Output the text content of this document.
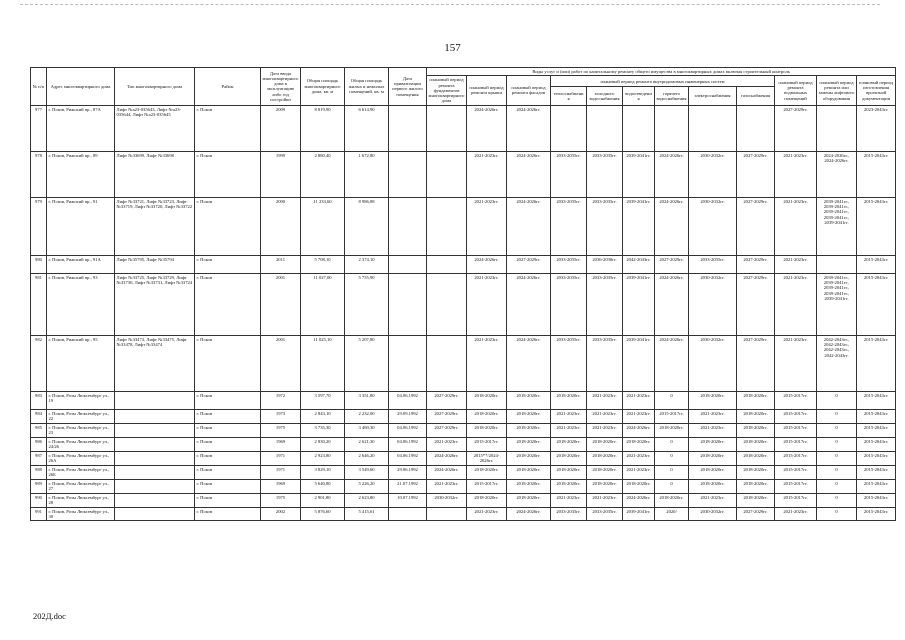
157
№ п/п	Адрес многоквартирного дома	Тип многоквартирного дома	Район	Дата ввода многоквартирного дома в эксплуатацию либо год постройки	Общая площадь многоквартирного дома, кв. м	Общая площадь жилых и нежилых помещений, кв. м	Дата приватизации первого жилого помещения	Виды услуг и (или) работ по капитальному ремонту общего имущества в многоквартирных домах включая строительный контроль											
								плановый период ремонта фундаментов многоквартирного дома	плановый период ремонта крыши	плановый период ремонта фасадов	плановый период ремонта внутридомовых инженерных систем						плановый период ремонта подвальных помещений	плановый период ремонта или замены лифтового оборудования	плановый период изготовления проектной документации
											теплоснабжения	холодного водоснабжения	водоотведения	горячего водоснабжения	электроснабжения	газоснабжения			
977	г. Псков, Рижский пр., 87А	Лифт №а23-035643, Лифт №а23-035644, Лифт №а23-035645	г. Псков	2009	8 819,90	6 614,90			2024-2026гг.	2024-2026гг.							2027-2029гг.		2023-2043гг.
978	г. Псков, Рижский пр., 89	Лифт №33699, Лифт №33698	г. Псков	1999	2 880,40	1 672,80			2021-2023гг.	2024-2026гг.	2033-2035гг.	2033-2035гг.	2039-2041гг.	2024-2026гг.	2030-2032гг.	2027-2029гг.	2021-2023гг.	2024-2026гг., 2024-2026гг.	2015-2043гг.
979	г. Псков, Рижский пр., 91	Лифт №33721, Лифт №33723, Лифт №33719, Лифт №33720, Лифт №33722	г. Псков	2000	11 233,60	8 986,88			2021-2023гг.	2024-2026гг.	2033-2035гг.	2033-2035гг.	2039-2041гг.	2024-2026гг.	2030-2032гг.	2027-2029гг.	2021-2023гг.	2039-2041гг., 2039-2041гг., 2039-2041гг., 2039-2041гг., 2039-2041гг.	2015-2043гг.
980	г. Псков, Рижский пр., 91А	Лифт №35795, Лифт №35794	г. Псков	2011	5 708,10	2 374,10			2024-2026гг.	2027-2029гг.	2033-2035гг.	2036-2038гг.	2042-2043гг.	2027-2029гг.	2033-2035гг.	2027-2029гг.	2021-2023гг.		2015-2043гг.
981	г. Псков, Рижский пр., 93	Лифт №33725, Лифт №33729, Лифт №33730, Лифт №33731, Лифт №33724	г. Псков	2001	11 027,00	5 755,90			2021-2023гг.	2024-2026гг.	2033-2035гг.	2033-2035гг.	2039-2041гг.	2024-2026гг.	2030-2032гг.	2027-2029гг.	2021-2023гг.	2039-2041гг., 2039-2041гг., 2039-2041гг., 2039-2041гг., 2039-2041гг.	2015-2043гг.
982	г. Псков, Рижский пр., 95	Лифт №33473, Лифт №33475, Лифт №33478, Лифт №33474	г. Псков	2001	11 025,10	5 207,80			2021-2023гг.	2024-2026гг.	2033-2035гг.	2033-2035гг.	2039-2041гг.	2024-2026гг.	2030-2032гг.	2027-2029гг.	2021-2023гг.	2042-2043гг., 2042-2043гг., 2042-2043гг., 2042-2043гг.	2015-2043гг.
983	г. Псков, Розы Люксембург ул., 19		г. Псков	1972	3 597,70	3 351,80	04.06.1992	2027-2029гг.	2018-2020гг.	2018-2020гг.	2018-2020гг.	2021-2023гг.	2021-2023гг.	0	2018-2020гг.	2018-2020гг.	2015-2017гг.	0	2015-2043гг.
984	г. Псков, Розы Люксембург ул., 22		г. Псков	1973	2 843,10	2 232,00	29.09.1992	2027-2029гг.	2018-2020гг.	2018-2020гг.	2021-2023гг.	2021-2023гг.	2021-2023гг.	2015-2017гг.	2021-2023гг.	2018-2020гг.	2015-2017гг.	0	2015-2043гг.
985	г. Псков, Розы Люксембург ул., 23		г. Псков	1975	3 735,30	3 469,30	04.06.1992	2027-2029гг.	2018-2020гг.	2018-2020гг.	2021-2023гг.	2021-2023гг.	2024-2026гг.	2018-2020гг.	2021-2023гг.	2018-2020гг.	2015-2017гг.	0	2015-2043гг.
986	г. Псков, Розы Люксембург ул., 24/26		г. Псков	1969	2 830,20	2 621,30	04.06.1992	2021-2023гг.	2015-2017гг.	2018-2020гг.	2018-2020гг.	2018-2020гг.	2018-2020гг.	0	2018-2020гг.	2018-2020гг.	2015-2017гг.	0	2015-2043гг.
987	г. Псков, Розы Люксембург ул., 26А		г. Псков	1971	2 923,80	2 646,20	04.06.1992	2024-2026гг.	2015**/2024-2026гг.	2018-2020гг.	2018-2020гг.	2018-2020гг.	2021-2023гг.	0	2018-2020гг.	2018-2020гг.	2015-2017гг.	0	2015-2043гг.
988	г. Псков, Розы Люксембург ул., 26Б		г. Псков	1971	3 829,10	3 549,60	29.06.1992	2024-2026гг.	2018-2020гг.	2018-2020гг.	2018-2020гг.	2018-2020гг.	2021-2023гг.	0	2018-2020гг.	2018-2020гг.	2015-2017гг.	0	2015-2043гг.
989	г. Псков, Розы Люксембург ул., 27		г. Псков	1969	5 640,80	5 226,20	21.07.1992	2021-2023гг.	2015-2017гг.	2018-2020гг.	2018-2020гг.	2018-2020гг.	2018-2020гг.	0	2018-2020гг.	2018-2020гг.	2015-2017гг.	0	2015-2043гг.
990	г. Псков, Розы Люксембург ул., 28		г. Псков	1975	2 901,80	2 623,80	10.07.1992	2030-2032гг.	2018-2020гг.	2018-2020гг.	2021-2023гг.	2021-2023гг.	2024-2026гг.	2018-2020гг.	2021-2023гг.	2018-2020гг.	2015-2017гг.	0	2015-2043гг.
991	г. Псков, Розы Люксембург ул., 30		г. Псков	2002	5 876,60	5 415,61			2021-2023гг.	2024-2026гг.	2033-2035гг.	2033-2035гг.	2039-2041гг.	2020/	2030-2032гг.	2027-2029гг.	2021-2023гг.	0	2015-2043гг.
202Д.doc
